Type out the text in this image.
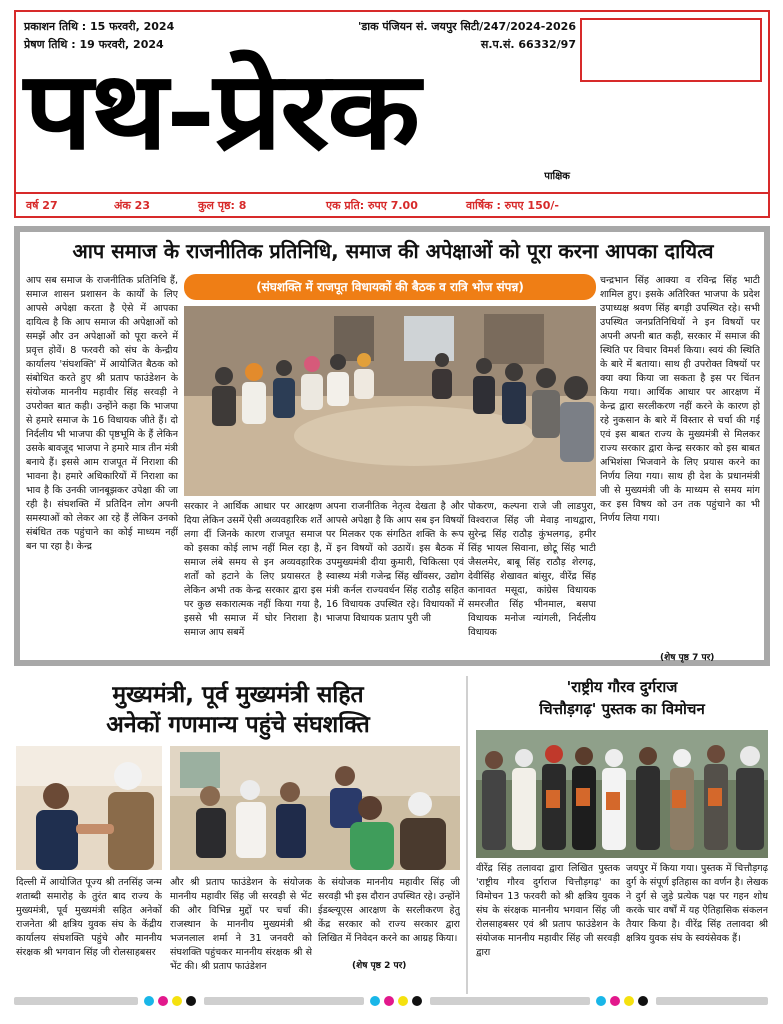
प्रकाशन तिथि : 15 फरवरी, 2024
प्रेषण तिथि : 19 फरवरी, 2024
'डाक पंजियन सं. जयपुर सिटी/247/2024-2026
स.प.सं. 66332/97
पथ-प्रेरक
पाक्षिक
वर्ष 27	अंक 23	कुल पृष्ठ: 8	एक प्रति: रुपए 7.00	वार्षिक : रुपए 150/-
आप समाज के राजनीतिक प्रतिनिधि, समाज की अपेक्षाओं को पूरा करना आपका दायित्व
आप सब समाज के राजनीतिक प्रतिनिधि हैं, समाज शासन प्रशासन के कार्यों के लिए आपसे अपेक्षा करता है ऐसे में आपका दायित्व है कि आप समाज की अपेक्षाओं को समझें और उन अपेक्षाओं को पूरा करने में प्रवृत्त होवें। 8 फरवरी को संघ के केन्द्रीय कार्यालय 'संघशक्ति' में आयोजित बैठक को संबोधित करते हुए श्री प्रताप फाउंडेशन के संयोजक माननीय महावीर सिंह सरवड़ी ने उपरोक्त बात कही। उन्होंने कहा कि भाजपा से हमारे समाज के 16 विधायक जीते हैं। दो निर्दलीय भी भाजपा की पृष्ठभूमि के हैं लेकिन उसके बावजूद भाजपा ने हमारे मात्र तीन मंत्री बनाये हैं। इससे आम राजपूत में निराशा की भावना है। हमारे अधिकारियों में निराशा का भाव है कि उनकी जानबूझकर उपेक्षा की जा रही है। संघशक्ति में प्रतिदिन लोग अपनी समस्याओं को लेकर आ रहे हैं लेकिन उनको संबंधित तक पहुंचाने का कोई माध्यम नहीं बन पा रहा है। केन्द्र
(संघशक्ति में राजपूत विधायकों की बैठक व रात्रि भोज संपन्न)
सरकार ने आर्थिक आधार पर आरक्षण दिया लेकिन उसमें ऐसी अव्यवहारिक शर्तें लगा दीं जिनके कारण राजपूत समाज को इसका कोई लाभ नहीं मिल रहा है, समाज लंबे समय से इन अव्यवहारिक शर्तों को हटाने के लिए प्रयासरत है लेकिन अभी तक केन्द्र सरकार द्वारा इस पर कुछ सकारात्मक नहीं किया गया है, इससे भी समाज में घोर निराशा है। समाज आप सबमें
अपना राजनीतिक नेतृत्व देखता है और आपसे अपेक्षा है कि आप सब इन विषयों पर मिलकर एक संगठित शक्ति के रूप में इन विषयों को उठायें। इस बैठक में उपमुख्यमंत्री दीया कुमारी, चिकित्सा एवं स्वास्थ्य मंत्री गजेन्द्र सिंह खींवसर, उद्योग मंत्री कर्नल राज्यवर्धन सिंह राठौड़ सहित 16 विधायक उपस्थित रहे। विधायकों में भाजपा विधायक प्रताप पुरी जी
पोकरण, कल्पना राजे जी लाडपुरा, विश्वराज सिंह जी मेवाड़ नाथद्वारा, सुरेन्द्र सिंह राठौड़ कुंभलगढ़, हमीर सिंह भायल सिवाना, छोटू सिंह भाटी जैसलमेर, बाबू सिंह राठौड़ शेरगढ़, देवीसिंह शेखावत बांसुर, वीरेंद्र सिंह कानावत मसूदा, कांग्रेस विधायक समरजीत सिंह भीनमाल, बसपा विधायक मनोज न्यांगली, निर्दलीय विधायक
चन्द्रभान सिंह आक्या व रविन्द्र सिंह भाटी शामिल हुए। इसके अतिरिक्त भाजपा के प्रदेश उपाध्यक्ष श्रवण सिंह बगड़ी उपस्थित रहे। सभी उपस्थित जनप्रतिनिधियों ने इन विषयों पर अपनी अपनी बात कही, सरकार में समाज की स्थिति पर विचार विमर्श किया। स्वयं की स्थिति के बारे में बताया। साथ ही उपरोक्त विषयों पर क्या क्या किया जा सकता है इस पर चिंतन किया गया। आर्थिक आधार पर आरक्षण में केन्द्र द्वारा सरलीकरण नहीं करने के कारण हो रहे नुकसान के बारे में विस्तार से चर्चा की गई एवं इस बाबत राज्य के मुख्यमंत्री से मिलकर राज्य सरकार द्वारा केन्द्र सरकार को इस बाबत अभिशंसा भिजवाने के लिए प्रयास करने का निर्णय लिया गया। साथ ही देश के प्रधानमंत्री जी से मुख्यमंत्री जी के माध्यम से समय मांग कर इस विषय को उन तक पहुंचाने का भी निर्णय लिया गया।
(शेष पृष्ठ 7 पर)
मुख्यमंत्री, पूर्व मुख्यमंत्री सहित
अनेकों गणमान्य पहुंचे संघशक्ति
दिल्ली में आयोजित पूज्य श्री तनसिंह जन्म शताब्दी समारोह के तुरंत बाद राज्य के मुख्यमंत्री, पूर्व मुख्यमंत्री सहित अनेकों राजनेता श्री क्षत्रिय युवक संघ के केंद्रीय कार्यालय संघशक्ति पहुंचे और माननीय संरक्षक श्री भगवान सिंह जी रोलसाहबसर
और श्री प्रताप फाउंडेशन के संयोजक माननीय महावीर सिंह जी सरवड़ी से भेंट की और विभिन्न मुद्दों पर चर्चा की। राजस्थान के माननीय मुख्यमंत्री श्री भजनलाल शर्मा ने 31 जनवरी को संघशक्ति पहुंचकर माननीय संरक्षक श्री से भेंट की। श्री प्रताप फाउंडेशन
के संयोजक माननीय महावीर सिंह जी सरवड़ी भी इस दौरान उपस्थित रहे। उन्होंने ईडब्ल्यूएस आरक्षण के सरलीकरण हेतु केंद्र सरकार को राज्य सरकार द्वारा लिखित में निवेदन करने का आग्रह किया।
(शेष पृष्ठ 2 पर)
'राष्ट्रीय गौरव दुर्गराज
चित्तौड़गढ़' पुस्तक का विमोचन
वीरेंद्र सिंह तलावदा द्वारा लिखित पुस्तक 'राष्ट्रीय गौरव दुर्गराज चित्तौड़गढ़' का विमोचन 13 फरवरी को श्री क्षत्रिय युवक संघ के संरक्षक माननीय भगवान सिंह जी रोलसाहबसर एवं श्री प्रताप फाउंडेशन के संयोजक माननीय महावीर सिंह जी सरवड़ी द्वारा
जयपुर में किया गया। पुस्तक में चित्तौड़गढ़ दुर्ग के संपूर्ण इतिहास का वर्णन है। लेखक ने दुर्ग से जुड़े प्रत्येक पक्ष पर गहन शोध करके चार वर्षों में यह ऐतिहासिक संकलन तैयार किया है। वीरेंद्र सिंह तलावदा श्री क्षत्रिय युवक संघ के स्वयंसेवक हैं।
